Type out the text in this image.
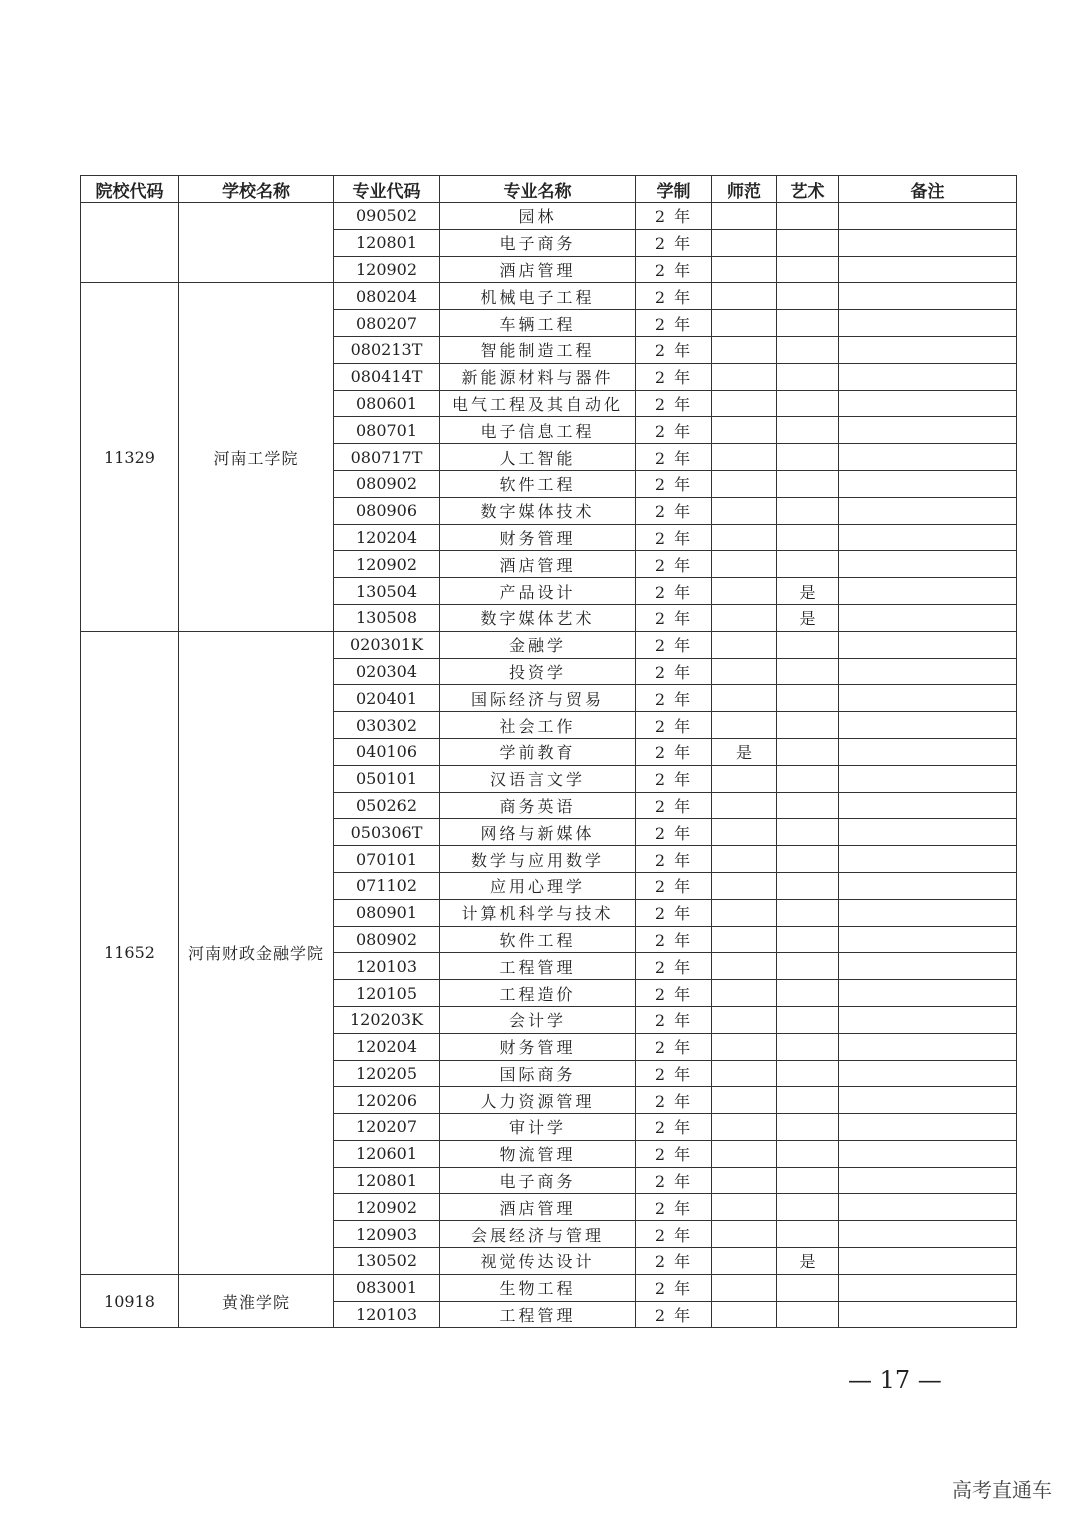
院校代码	学校名称	专业代码	专业名称	学制	师范	艺术	备注
		090502	园林	2 年			
		120801	电子商务	2 年			
		120902	酒店管理	2 年			
11329	河南工学院	080204	机械电子工程	2 年			
		080207	车辆工程	2 年			
		080213T	智能制造工程	2 年			
		080414T	新能源材料与器件	2 年			
		080601	电气工程及其自动化	2 年			
		080701	电子信息工程	2 年			
		080717T	人工智能	2 年			
		080902	软件工程	2 年			
		080906	数字媒体技术	2 年			
		120204	财务管理	2 年			
		120902	酒店管理	2 年			
		130504	产品设计	2 年		是	
		130508	数字媒体艺术	2 年		是	
11652	河南财政金融学院	020301K	金融学	2 年			
		020304	投资学	2 年			
		020401	国际经济与贸易	2 年			
		030302	社会工作	2 年			
		040106	学前教育	2 年	是		
		050101	汉语言文学	2 年			
		050262	商务英语	2 年			
		050306T	网络与新媒体	2 年			
		070101	数学与应用数学	2 年			
		071102	应用心理学	2 年			
		080901	计算机科学与技术	2 年			
		080902	软件工程	2 年			
		120103	工程管理	2 年			
		120105	工程造价	2 年			
		120203K	会计学	2 年			
		120204	财务管理	2 年			
		120205	国际商务	2 年			
		120206	人力资源管理	2 年			
		120207	审计学	2 年			
		120601	物流管理	2 年			
		120801	电子商务	2 年			
		120902	酒店管理	2 年			
		120903	会展经济与管理	2 年			
		130502	视觉传达设计	2 年		是	
10918	黄淮学院	083001	生物工程	2 年			
		120103	工程管理	2 年			
— 17 —
高考直通车
